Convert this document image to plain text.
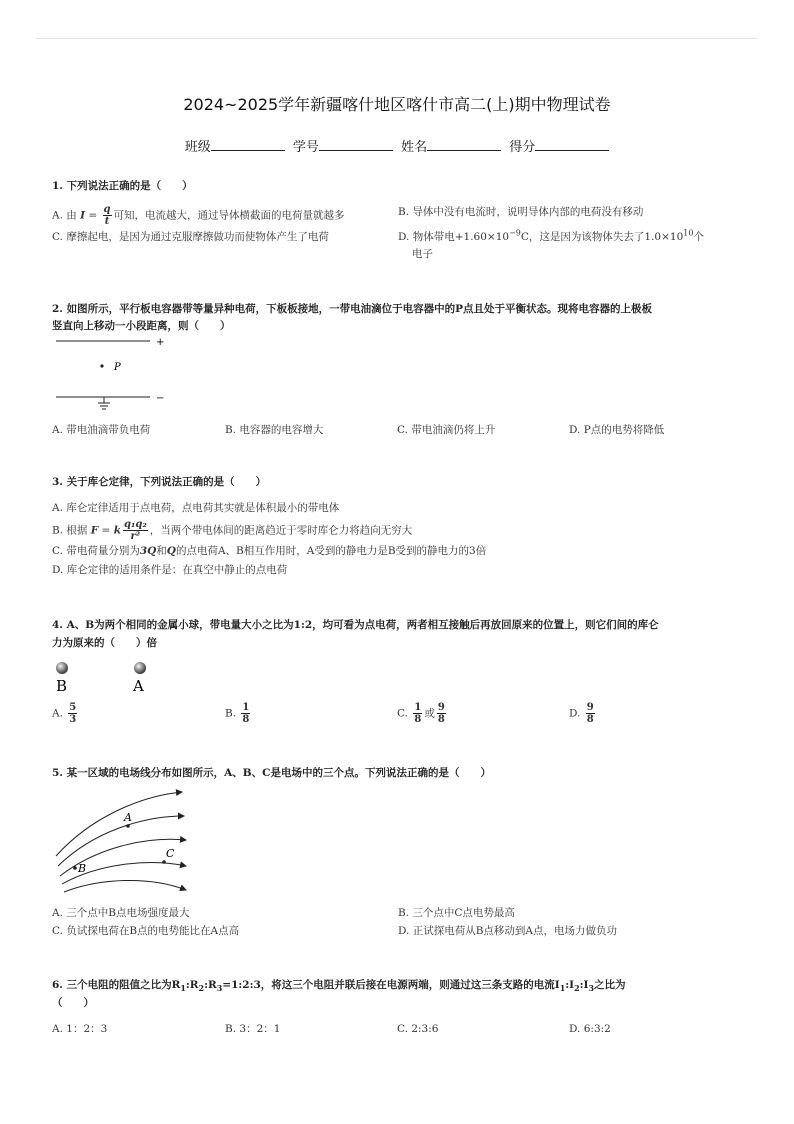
2024~2025学年新疆喀什地区喀什市高二(上)期中物理试卷
班级	学号	姓名	得分
1. 下列说法正确的是（　　）
A. 由 $I = \frac{q}{t}$ 可知，电流越大，通过导体横截面的电荷量就越多	B. 导体中没有电流时，说明导体内部的电荷没有移动
C. 摩擦起电，是因为通过克服摩擦做功而使物体产生了电荷	D. 物体带电$+1.60\times 10^{-9}C$，这是因为该物体失去了$1.0\times 10^{10}$个
电子
2. 如图所示，平行板电容器带等量异种电荷，下板板接地，一带电油滴位于电容器中的P点且处于平衡状态。现将电容器的上极板
竖直向上移动一小段距离，则（　　）
+
P
−
A. 带电油滴带负电荷	B. 电容器的电容增大	C. 带电油滴仍将上升	D. P点的电势将降低
3. 关于库仑定律，下列说法正确的是（　　）
A. 库仑定律适用于点电荷，点电荷其实就是体积最小的带电体
B. 根据 F = k $\frac{\text{q₁q₂}}{\text{r²}}$ ，当两个带电体间的距离趋近于零时库仑力将趋向无穷大
C. 带电荷量分别为3Q和Q的点电荷A、B相互作用时，A受到的静电力是B受到的静电力的3倍
D. 库仑定律的适用条件是：在真空中静止的点电荷
4. A、B为两个相同的金属小球，带电量大小之比为1:2，均可看为点电荷，两者相互接触后再放回原来的位置上，则它们间的库仑
力为原来的（　　）倍
B	A
A. $\frac{5}{3}$	B. $\frac{1}{8}$	C. $\frac{1}{8}$ 或 $\frac{9}{8}$	D. $\frac{9}{8}$
5. 某一区域的电场线分布如图所示，A、B、C是电场中的三个点。下列说法正确的是（　　）
A
B
C
A. 三个点中B点电场强度最大	B. 三个点中C点电势最高
C. 负试探电荷在B点的电势能比在A点高	D. 正试探电荷从B点移动到A点，电场力做负功
6. 三个电阻的阻值之比为$R_1:R_2:R_3=1:2:3$，将这三个电阻并联后接在电源两端，则通过这三条支路的电流$I_1:I_2:I_3$之比为
（　　）
A. 1：2：3	B. 3：2：1	C. 2:3:6	D. 6:3:2
